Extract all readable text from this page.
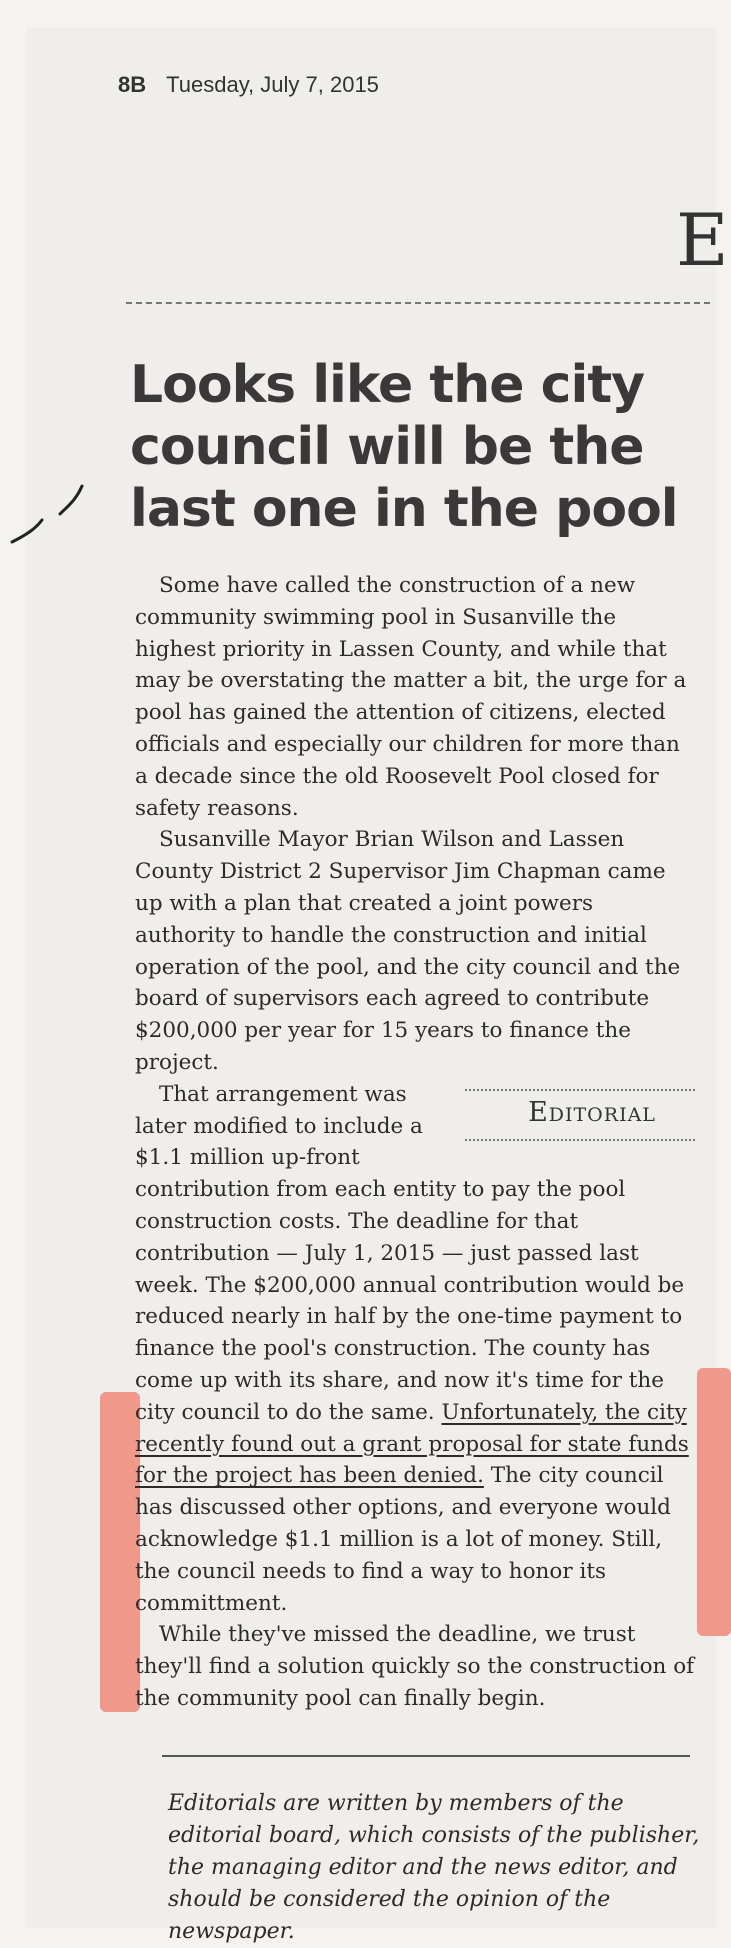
8B Tuesday, July 7, 2015
E
Looks like the city council will be the last one in the pool

Some have called the construction of a new community swimming pool in Susanville the highest priority in Lassen County, and while that may be overstating the matter a bit, the urge for a pool has gained the attention of citizens, elected officials and especially our children for more than a decade since the old Roosevelt Pool closed for safety reasons.

Susanville Mayor Brian Wilson and Lassen County District 2 Supervisor Jim Chapman came up with a plan that created a joint powers authority to handle the construction and initial operation of the pool, and the city council and the board of supervisors each agreed to contribute $200,000 per year for 15 years to finance the project.

Editorial
That arrangement was later modified to include a $1.1 million up-front contribution from each entity to pay the pool construction costs. The deadline for that contribution — July 1, 2015 — just passed last week. The $200,000 annual contribution would be reduced nearly in half by the one-time payment to finance the pool's construction. The county has come up with its share, and now it's time for the city council to do the same. Unfortunately, the city recently found out a grant proposal for state funds for the project has been denied. The city council has discussed other options, and everyone would acknowledge $1.1 million is a lot of money. Still, the council needs to find a way to honor its committment.

While they've missed the deadline, we trust they'll find a solution quickly so the construction of the community pool can finally begin.

Editorials are written by members of the editorial board, which consists of the publisher, the managing editor and the news editor, and should be considered the opinion of the newspaper.
